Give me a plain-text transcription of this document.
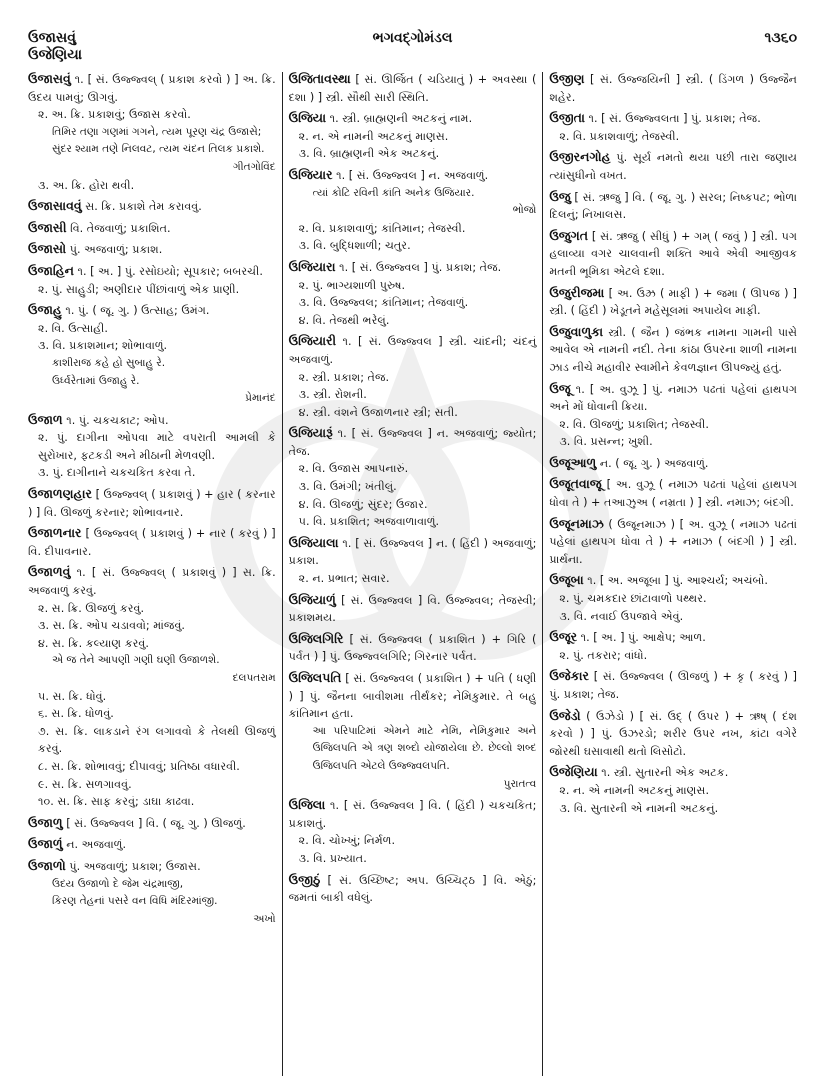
ઉજાસવું
ઉજેણિયા
ભગવદ્ગોમંડલ	૧૩૬૦
ઉજાસવું ૧. [ સં. ઉજ્જ્વલ્ ( પ્રકાશ કરવો ) ] અ. ક્રિ. ઉદય પામવું; ઊગવું.
૨. અ. ક્રિ. પ્રકાશવું; ઉજાસ કરવો.
તિમિર તણા ગણમાં ગગને, ત્યમ પૂરણ ચંદ્ર ઉજાસે;
સુંદર શ્યામ તણે નિલવટ, ત્યમ ચંદન તિલક પ્રકાશે.
ગીતગોવિંદ
૩. અ. ક્રિ. હોરા થવી.
ઉજાસાવવું સ. ક્રિ. પ્રકાશે તેમ કરાવવું.
ઉજાસી વિ. તેજવાળું; પ્રકાશિત.
ઉજાસો પું. અજવાળું; પ્રકાશ.
ઉજાહિન ૧. [ અ. ] પું. રસોઇયો; સૂપકાર; બબરચી.
૨. પું. સાહુડી; અણીદાર પીંછાંવાળું એક પ્રાણી.
ઉજાહુ ૧. પું. ( જૂ. ગુ. ) ઉત્સાહ; ઉમંગ.
૨. વિ. ઉત્સાહી.
૩. વિ. પ્રકાશમાન; શોભાવાળું.
કાશીરાજ કહે હો સુબાહુ રે.
ઉર્ધ્વરેતામાં ઉજાહુ રે.
પ્રેમાનંદ
ઉજાળ ૧. પું. ચકચકાટ; ઓપ.
૨. પું. દાગીના ઓપવા માટે વપરાતી આમલી કે સુરોખાર, ફટકડી અને મીઠાની મેળવણી.
૩. પું. દાગીનાને ચકચકિત કરવા તે.
ઉજાળણહાર [ ઉજ્જ્વલ્ ( પ્રકાશવું ) + હાર ( કરનાર ) ] વિ. ઊજળું કરનાર; શોભાવનાર.
ઉજાળનાર [ ઉજ્જ્વલ્ ( પ્રકાશવું ) + નાર ( કરવું ) ] વિ. દીપાવનાર.
ઉજાળવું ૧. [ સં. ઉજ્જ્વલ્ ( પ્રકાશવું ) ] સ. ક્રિ. અજવાળું કરવું.
૨. સ. ક્રિ. ઊજળું કરવું.
૩. સ. ક્રિ. ઓપ ચડાવવો; માંજવું.
૪. સ. ક્રિ. કલ્યાણ કરવું.
એ જ તેને આપણી ગણી ઘણી ઉજાળશે.
દલપતરામ
૫. સ. ક્રિ. ધોવું.
૬. સ. ક્રિ. ધોળવું.
૭. સ. ક્રિ. લાકડાને રંગ લગાવવો કે તેલથી ઊજળું કરવું.
૮. સ. ક્રિ. શોભાવવું; દીપાવવું; પ્રતિષ્ઠા વધારવી.
૯. સ. ક્રિ. સળગાવવું.
૧૦. સ. ક્રિ. સાફ કરવું; ડાઘા કાઢવા.
ઉજાળુ [ સં. ઉજ્જ્વલ ] વિ. ( જૂ. ગુ. ) ઊજળું.
ઉજાળું ન. અજવાળું.
ઉજાળો પું. અજવાળું; પ્રકાશ; ઉજાસ.
ઉદય ઉજાળો દે જેમ ચંદ્રમાજી,
કિરણ તેહનાં પસરે વન વિધિ મંદિરમાંજી.
અખો
ઉજિતાવસ્થા [ સં. ઊર્જિત ( ચડિયાતું ) + અવસ્થા ( દશા ) ] સ્ત્રી. સૌથી સારી સ્થિતિ.
ઉજિયા ૧. સ્ત્રી. બ્રાહ્મણની અટકનું નામ.
૨. ન. એ નામની અટકનું માણસ.
૩. વિ. બ્રાહ્મણની એક અટકનું.
ઉજિયાર ૧. [ સં. ઉજ્જ્વલ ] ન. અજવાળું.
ત્યાં કોટિ રવિની કાંતિ અનેક ઉજિયાર.
ભોજો
૨. વિ. પ્રકાશવાળું; કાંતિમાન; તેજસ્વી.
૩. વિ. બુદ્ધિશાળી; ચતુર.
ઉજિયારા ૧. [ સં. ઉજ્જ્વલ ] પું. પ્રકાશ; તેજ.
૨. પું. ભાગ્યશાળી પુરુષ.
૩. વિ. ઉજ્જ્વલ; કાંતિમાન; તેજવાળું.
૪. વિ. તેજથી ભરેલું.
ઉજિયારી ૧. [ સં. ઉજ્જ્વલ ] સ્ત્રી. ચાંદની; ચંદનું અજવાળું.
૨. સ્ત્રી. પ્રકાશ; તેજ.
૩. સ્ત્રી. રોશની.
૪. સ્ત્રી. વંશને ઉજાળનાર સ્ત્રી; સતી.
ઉજિયારૂં ૧. [ સં. ઉજ્જ્વલ ] ન. અજવાળું; જ્યોત; તેજ.
૨. વિ. ઉજાસ આપનારું.
૩. વિ. ઉમંગી; ખંતીલું.
૪. વિ. ઊજળું; સુંદર; ઉજાર.
૫. વિ. પ્રકાશિત; અજવાળાવાળું.
ઉજિયાલા ૧. [ સં. ઉજ્જ્વલ ] ન. ( હિંદી ) અજવાળું; પ્રકાશ.
૨. ન. પ્રભાત; સવાર.
ઉજિયાળું [ સં. ઉજ્જ્વલ ] વિ. ઉજ્જ્વલ; તેજસ્વી; પ્રકાશમય.
ઉજિલગિરિ [ સં. ઉજ્જ્વલ ( પ્રકાશિત ) + ગિરિ ( પર્વત ) ] પું. ઉજ્જ્વલગિરિ; ગિરનાર પર્વત.
ઉજિલપતિ [ સં. ઉજ્જ્વલ ( પ્રકાશિત ) + પતિ ( ધણી ) ] પું. જૈનના બાવીશમા તીર્થંકર; નેમિકુમાર. તે બહુ કાંતિમાન હતા.
આ પરિપાટિમાં એમને માટે નેમિ, નેમિકુમાર અને ઉજિલપતિ એ ત્રણ શબ્દો યોજાયેલા છે. છેલ્લો શબ્દ ઉજિલપતિ એટલે ઉજ્જ્વલપતિ.
પુરાતત્વ
ઉજિલા ૧. [ સં. ઉજ્જ્વલ ] વિ. ( હિંદી ) ચકચકિત; પ્રકાશતું.
૨. વિ. ચોખ્ખું; નિર્મળ.
૩. વિ. પ્રખ્યાત.
ઉજીઠું [ સં. ઉચ્છિષ્ટ; અપ. ઉચ્ચિટ્ઠ ] વિ. એઠું; જમતાં બાકી વધેલું.
ઉજીણ [ સં. ઉજ્જયિની ] સ્ત્રી. ( ડિંગળ ) ઉજ્જૈન શહેર.
ઉજીતા ૧. [ સં. ઉજ્જ્વલતા ] પું. પ્રકાશ; તેજ.
૨. વિ. પ્રકાશવાળું; તેજસ્વી.
ઉજીરનગોહ પું. સૂર્ય નમતો થયા પછી તારા જણાય ત્યાંસુધીનો વખત.
ઉજુ [ સં. ઋજુ ] વિ. ( જૂ. ગુ. ) સરલ; નિષ્કપટ; ભોળા દિલનું; નિખાલસ.
ઉજુગત [ સં. ઋજુ ( સીધું ) + ગમ્ ( જવું ) ] સ્ત્રી. પગ હલાવ્યા વગર ચાલવાની શક્તિ આવે એવી આજીવક મતની ભૂમિકા એટલે દશા.
ઉજુરીજમા [ અ. ઉઝ્ર ( માફી ) + જમા ( ઊપજ ) ] સ્ત્રી. ( હિંદી ) ખેડૂતને મહેસૂલમાં અપાયેલ માફી.
ઉજુવાળુકા સ્ત્રી. ( જૈન ) જંભક નામના ગામની પાસે આવેલ એ નામની નદી. તેના કાંઠા ઉપરના શાળી નામના ઝાડ નીચે મહાવીર સ્વામીને કેવળજ્ઞાન ઊપજ્યું હતું.
ઉજૂ ૧. [ અ. વુઝૂ ] પું. નમાઝ પઢતાં પહેલાં હાથપગ અને મોં ધોવાની ક્રિયા.
૨. વિ. ઊજળું; પ્રકાશિત; તેજસ્વી.
૩. વિ. પ્રસન્ન; ખુશી.
ઉજૂઆળુ ન. ( જૂ. ગુ. ) અજવાળું.
ઉજૂતવાજૂ [ અ. વુઝૂ ( નમાઝ પઢતાં પહેલાં હાથપગ ધોવા તે ) + તઆઝુઅ ( નમ્રતા ) ] સ્ત્રી. નમાઝ; બંદગી.
ઉજૂનમાઝ ( ઉજૂનમાઝ ) [ અ. વુઝૂ ( નમાઝ પઢતાં પહેલાં હાથપગ ધોવા તે ) + નમાઝ ( બંદગી ) ] સ્ત્રી. પ્રાર્થના.
ઉજૂબા ૧. [ અ. અજૂબા ] પું. આશ્ચર્ય; અચંબો.
૨. પું. ચમકદાર છાંટાવાળો પથ્થર.
૩. વિ. નવાઈ ઉપજાવે એવું.
ઉજૂર ૧. [ અ. ] પું. આક્ષેપ; આળ.
૨. પું. તકરાર; વાંધો.
ઉજેકાર [ સં. ઉજ્જ્વલ ( ઊજળું ) + કૃ ( કરવું ) ] પું. પ્રકાશ; તેજ.
ઉજેડો ( ઉઝેડો ) [ સં. ઉદ્ ( ઉપર ) + ઋષ્ ( દંશ કરવો ) ] પું. ઉઝરડો; શરીર ઉપર નખ, કાંટા વગેરે જોરથી ઘસાવાથી થતો લિસોટો.
ઉજેણિયા ૧. સ્ત્રી. સુતારની એક અટક.
૨. ન. એ નામની અટકનું માણસ.
૩. વિ. સુતારની એ નામની અટકનું.
